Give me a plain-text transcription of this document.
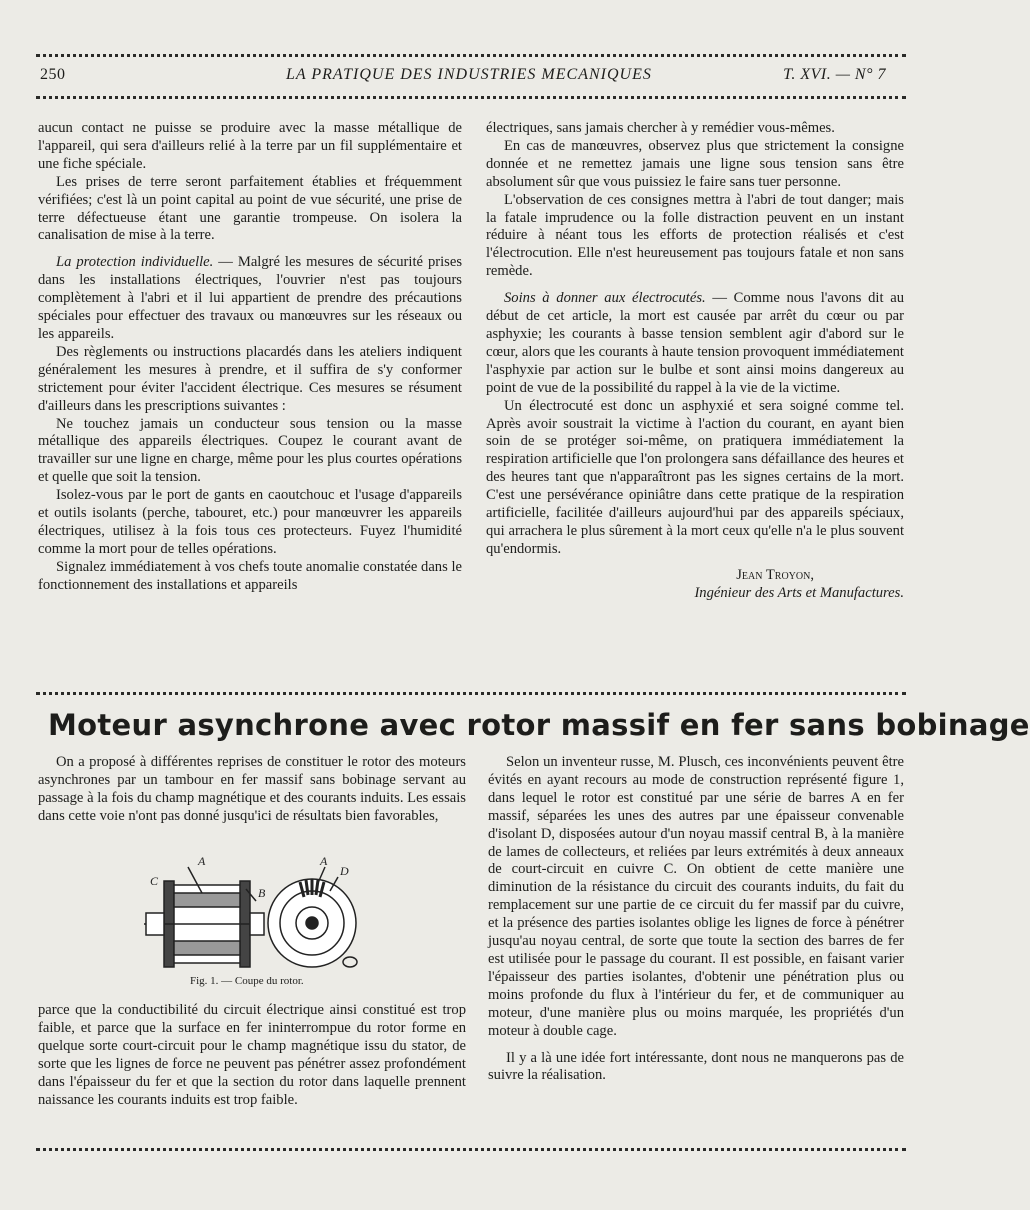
250	LA PRATIQUE DES INDUSTRIES MECANIQUES	T. XVI. — N° 7

aucun contact ne puisse se produire avec la masse métallique de l'appareil, qui sera d'ailleurs relié à la terre par un fil supplémentaire et une fiche spéciale.

Les prises de terre seront parfaitement établies et fréquemment vérifiées; c'est là un point capital au point de vue sécurité, une prise de terre défectueuse étant une garantie trompeuse. On isolera la canalisation de mise à la terre.

La protection individuelle. — Malgré les mesures de sécurité prises dans les installations électriques, l'ouvrier n'est pas toujours complètement à l'abri et il lui appartient de prendre des précautions spéciales pour effectuer des travaux ou manœuvres sur les réseaux ou les appareils.

Des règlements ou instructions placardés dans les ateliers indiquent généralement les mesures à prendre, et il suffira de s'y conformer strictement pour éviter l'accident électrique. Ces mesures se résument d'ailleurs dans les prescriptions suivantes :

Ne touchez jamais un conducteur sous tension ou la masse métallique des appareils électriques. Coupez le courant avant de travailler sur une ligne en charge, même pour les plus courtes opérations et quelle que soit la tension.

Isolez-vous par le port de gants en caoutchouc et l'usage d'appareils et outils isolants (perche, tabouret, etc.) pour manœuvrer les appareils électriques, utilisez à la fois tous ces protecteurs. Fuyez l'humidité comme la mort pour de telles opérations.

Signalez immédiatement à vos chefs toute anomalie constatée dans le fonctionnement des installations et appareils

électriques, sans jamais chercher à y remédier vous-mêmes.

En cas de manœuvres, observez plus que strictement la consigne donnée et ne remettez jamais une ligne sous tension sans être absolument sûr que vous puissiez le faire sans tuer personne.

L'observation de ces consignes mettra à l'abri de tout danger; mais la fatale imprudence ou la folle distraction peuvent en un instant réduire à néant tous les efforts de protection réalisés et c'est l'électrocution. Elle n'est heureusement pas toujours fatale et non sans remède.

Soins à donner aux électrocutés. — Comme nous l'avons dit au début de cet article, la mort est causée par arrêt du cœur ou par asphyxie; les courants à basse tension semblent agir d'abord sur le cœur, alors que les courants à haute tension provoquent immédiatement l'asphyxie par action sur le bulbe et sont ainsi moins dangereux au point de vue de la possibilité du rappel à la vie de la victime.

Un électrocuté est donc un asphyxié et sera soigné comme tel. Après avoir soustrait la victime à l'action du courant, en ayant bien soin de se protéger soi-même, on pratiquera immédiatement la respiration artificielle que l'on prolongera sans défaillance des heures et des heures tant que n'apparaîtront pas les signes certains de la mort. C'est une persévérance opiniâtre dans cette pratique de la respiration artificielle, facilitée d'ailleurs aujourd'hui par des appareils spéciaux, qui arrachera le plus sûrement à la mort ceux qu'elle n'a le plus souvent qu'endormis.

Jean Troyon,

Ingénieur des Arts et Manufactures.

Moteur asynchrone avec rotor massif en fer sans bobinage

On a proposé à différentes reprises de constituer le rotor des moteurs asynchrones par un tambour en fer massif sans bobinage servant au passage à la fois du champ magnétique et des courants induits. Les essais dans cette voie n'ont pas donné jusqu'ici de résultats bien favorables,

A
C
B
A
D
Fig. 1. — Coupe du rotor.

parce que la conductibilité du circuit électrique ainsi constitué est trop faible, et parce que la surface en fer ininterrompue du rotor forme en quelque sorte court-circuit pour le champ magnétique issu du stator, de sorte que les lignes de force ne peuvent pas pénétrer assez profondément dans l'épaisseur du fer et que la section du rotor dans laquelle prennent naissance les courants induits est trop faible.

Selon un inventeur russe, M. Plusch, ces inconvénients peuvent être évités en ayant recours au mode de construction représenté figure 1, dans lequel le rotor est constitué par une série de barres A en fer massif, séparées les unes des autres par une épaisseur convenable d'isolant D, disposées autour d'un noyau massif central B, à la manière de lames de collecteurs, et reliées par leurs extrémités à deux anneaux de court-circuit en cuivre C. On obtient de cette manière une diminution de la résistance du circuit des courants induits, du fait du remplacement sur une partie de ce circuit du fer massif par du cuivre, et la présence des parties isolantes oblige les lignes de force à pénétrer jusqu'au noyau central, de sorte que toute la section des barres de fer est utilisée pour le passage du courant. Il est possible, en faisant varier l'épaisseur des parties isolantes, d'obtenir une pénétration plus ou moins profonde du flux à l'intérieur du fer, et de communiquer au moteur, d'une manière plus ou moins marquée, les propriétés d'un moteur à double cage.

Il y a là une idée fort intéressante, dont nous ne manquerons pas de suivre la réalisation.
